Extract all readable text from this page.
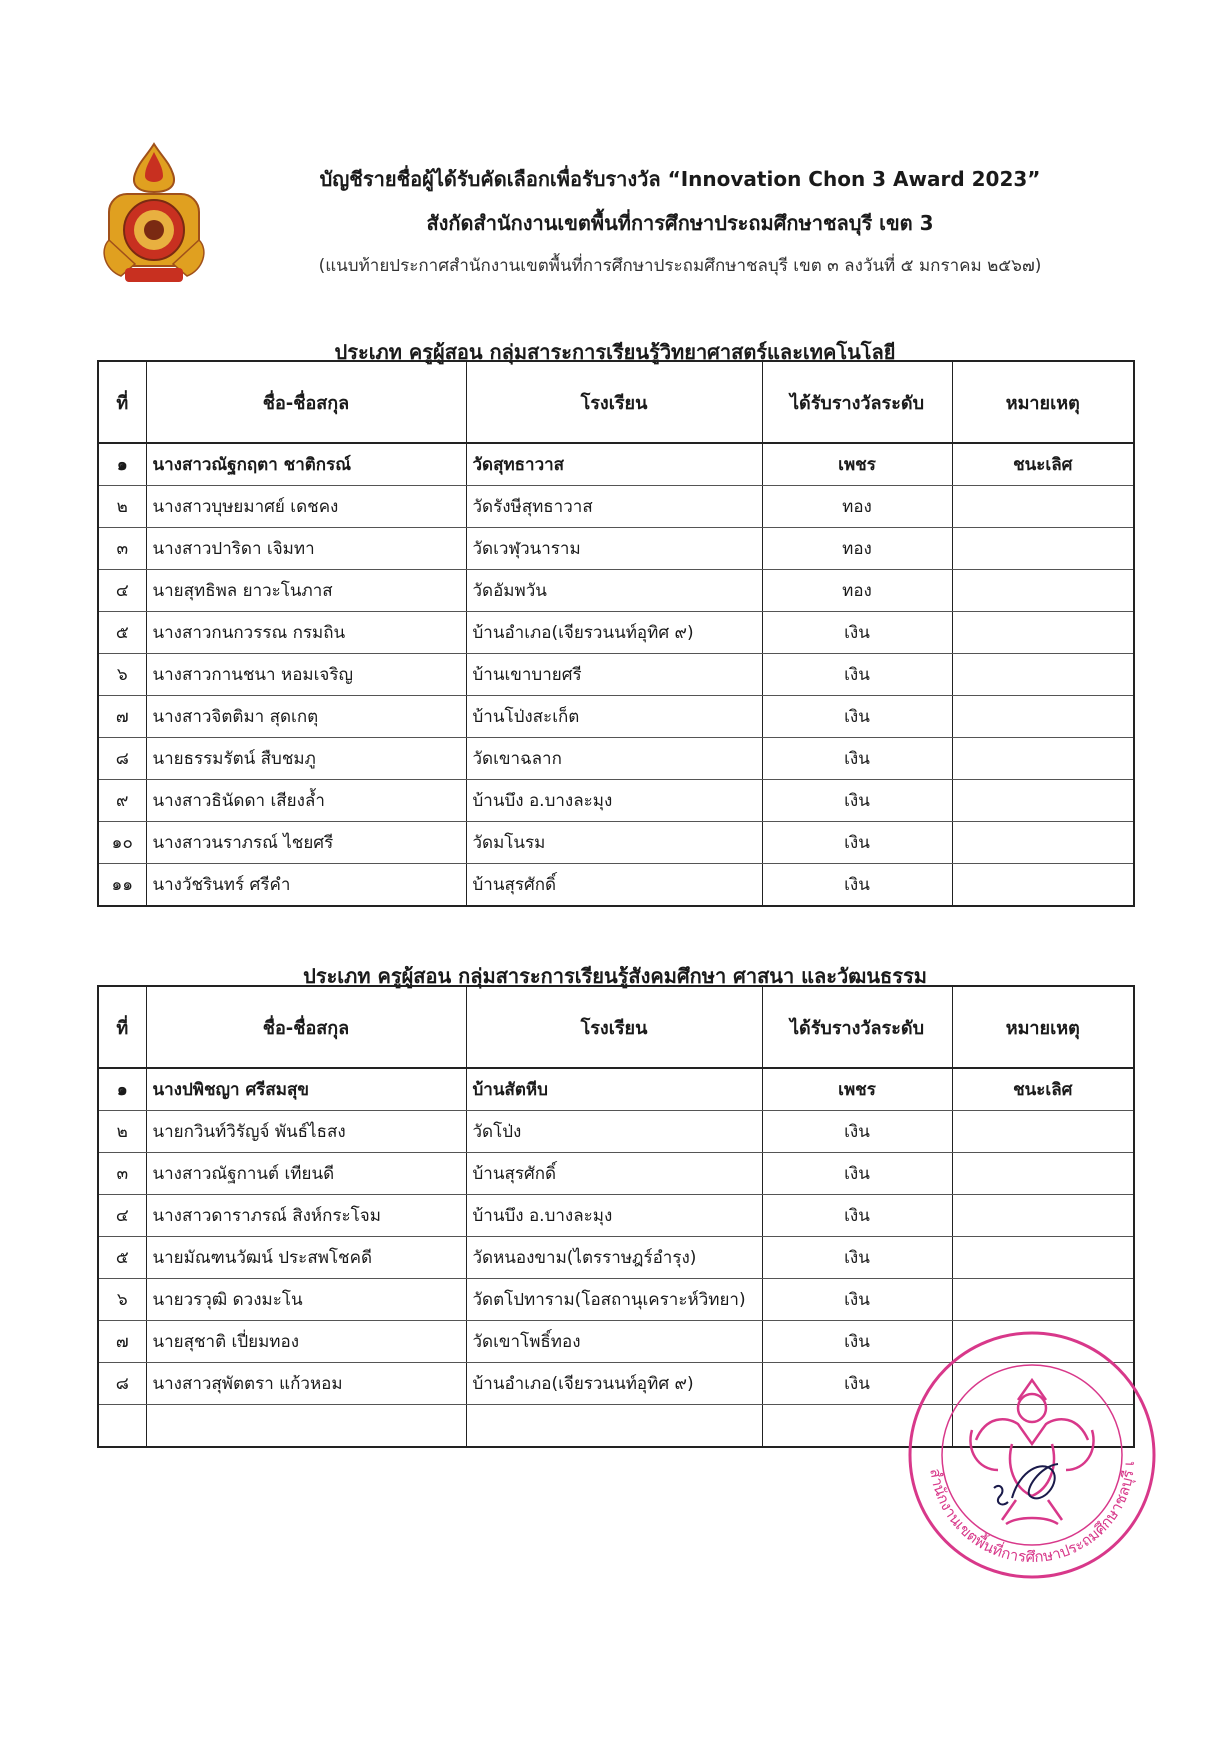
บัญชีรายชื่อผู้ได้รับคัดเลือกเพื่อรับรางวัล “Innovation Chon 3 Award 2023”
สังกัดสำนักงานเขตพื้นที่การศึกษาประถมศึกษาชลบุรี เขต 3
(แนบท้ายประกาศสำนักงานเขตพื้นที่การศึกษาประถมศึกษาชลบุรี เขต ๓ ลงวันที่ ๕ มกราคม ๒๕๖๗)
ประเภท ครูผู้สอน กลุ่มสาระการเรียนรู้วิทยาศาสตร์และเทคโนโลยี
ที่	ชื่อ-ชื่อสกุล	โรงเรียน	ได้รับรางวัลระดับ	หมายเหตุ
๑	นางสาวณัฐกฤตา ชาติกรณ์	วัดสุทธาวาส	เพชร	ชนะเลิศ
๒	นางสาวบุษยมาศย์ เดชคง	วัดรังษีสุทธาวาส	ทอง	
๓	นางสาวปาริดา เจิมทา	วัดเวฬุวนาราม	ทอง	
๔	นายสุทธิพล ยาวะโนภาส	วัดอัมพวัน	ทอง	
๕	นางสาวกนกวรรณ กรมถิน	บ้านอำเภอ(เจียรวนนท์อุทิศ ๙)	เงิน	
๖	นางสาวกานชนา หอมเจริญ	บ้านเขาบายศรี	เงิน	
๗	นางสาวจิตติมา สุดเกตุ	บ้านโป่งสะเก็ต	เงิน	
๘	นายธรรมรัตน์ สืบชมภู	วัดเขาฉลาก	เงิน	
๙	นางสาวธินัดดา เสียงล้ำ	บ้านบึง อ.บางละมุง	เงิน	
๑๐	นางสาวนราภรณ์ ไชยศรี	วัดมโนรม	เงิน	
๑๑	นางวัชรินทร์ ศรีคำ	บ้านสุรศักดิ์	เงิน	
ประเภท ครูผู้สอน กลุ่มสาระการเรียนรู้สังคมศึกษา ศาสนา และวัฒนธรรม
ที่	ชื่อ-ชื่อสกุล	โรงเรียน	ได้รับรางวัลระดับ	หมายเหตุ
๑	นางปพิชญา ศรีสมสุข	บ้านสัตหีบ	เพชร	ชนะเลิศ
๒	นายกวินท์วิรัญจ์ พันธ์ไธสง	วัดโป่ง	เงิน	
๓	นางสาวณัฐกานต์ เทียนดี	บ้านสุรศักดิ์	เงิน	
๔	นางสาวดาราภรณ์ สิงห์กระโจม	บ้านบึง อ.บางละมุง	เงิน	
๕	นายมัณฑนวัฒน์ ประสพโชคดี	วัดหนองขาม(ไตรราษฎร์อำรุง)	เงิน	
๖	นายวรวุฒิ ดวงมะโน	วัดตโปทาราม(โอสถานุเคราะห์วิทยา)	เงิน	
๗	นายสุชาติ เปี่ยมทอง	วัดเขาโพธิ์ทอง	เงิน	
๘	นางสาวสุพัตตรา แก้วหอม	บ้านอำเภอ(เจียรวนนท์อุทิศ ๙)	เงิน	

สำนักงานเขตพื้นที่การศึกษาประถมศึกษาชลบุรี เ
